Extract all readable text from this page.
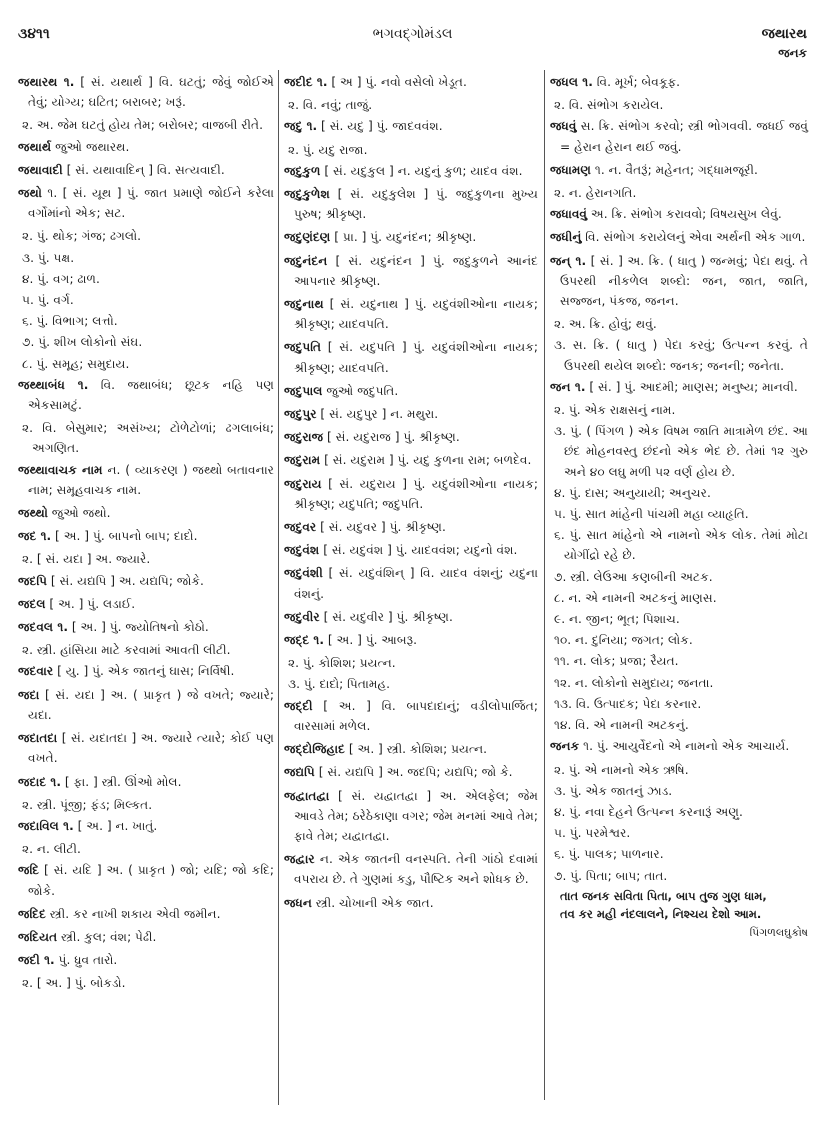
૩૪૧૧	ભગવદ્ગોમંડલ	જથારથ
જનક

જથારથ ૧. [ સં. યથાર્થ ] વિ. ઘટતું; જેવું જોઈએ તેવું; યોગ્ય; ઘટિત; બરાબર; ખરૂં.

૨. અ. જેમ ઘટતું હોય તેમ; બરોબર; વાજબી રીતે.

જથાર્થ જુઓ જથારથ.

જથાવાદી [ સં. યથાવાદિન્ ] વિ. સત્યવાદી.

જથો ૧. [ સં. યૂથ ] પું. જાત પ્રમાણે જોઈને કરેલા વર્ગોમાંનો એક; સટ.

૨. પું. થોક; ગંજ; ઢગલો.

૩. પું. પક્ષ.

૪. પું. વગ; ઢાળ.

૫. પું. વર્ગ.

૬. પું. વિભાગ; લત્તો.

૭. પું. શીખ લોકોનો સંઘ.

૮. પું. સમૂહ; સમુદાય.

જથ્થાબંધ ૧. વિ. જથાબંધ; છૂટક નહિ પણ એકસામટું.

૨. વિ. બેસુમાર; અસંખ્ય; ટોળેટોળાં; ઢગલાબંધ; અગણિત.

જથ્થાવાચક નામ ન. ( વ્યાકરણ ) જથ્થો બતાવનાર નામ; સમૂહવાચક નામ.

જથ્થો જુઓ જથો.

જદ ૧. [ અ. ] પું. બાપનો બાપ; દાદો.

૨. [ સં. યદા ] અ. જ્યારે.

જદપિ [ સં. યદ્યપિ ] અ. યદ્યપિ; જોકે.

જદલ [ અ. ] પું. લડાઈ.

જદવલ ૧. [ અ. ] પું. જ્યોતિષનો કોઠો.

૨. સ્ત્રી. હાંસિયા માટે કરવામાં આવતી લીટી.

જદવાર [ યુ. ] પું. એક જાતનું ઘાસ; નિર્વિષી.

જદા [ સં. યદા ] અ. ( પ્રાકૃત ) જે વખતે; જ્યારે; યદા.

જદાતદા [ સં. યદાતદા ] અ. જ્યારે ત્યારે; કોઈ પણ વખતે.

જદાદ ૧. [ ફા. ] સ્ત્રી. ઊંઓ મોલ.

૨. સ્ત્રી. પૂંજી; ફંડ; મિલ્કત.

જદાવિલ ૧. [ અ. ] ન. ખાતું.

૨. ન. લીટી.

જદિ [ સં. યદિ ] અ. ( પ્રાકૃત ) જો; યદિ; જો કદિ; જોકે.

જદિદ સ્ત્રી. કર નાખી શકાય એવી જમીન.

જદિયત સ્ત્રી. કુલ; વંશ; પેઢી.

જદી ૧. પું. ધ્રુવ તારો.

૨. [ અ. ] પું. બોકડો.

જદીદ ૧. [ અ ] પું. નવો વસેલો ખેડૂત.

૨. વિ. નવું; તાજું.

જદુ ૧. [ સં. યદુ ] પું. જાદવવંશ.

૨. પું. યદુ રાજા.

જદુકુળ [ સં. યદુકુલ ] ન. યદુનું કુળ; યાદવ વંશ.

જદુકુળેશ [ સં. યદુકુલેશ ] પું. જદુકુળના મુખ્ય પુરુષ; શ્રીકૃષ્ણ.

જદુણંદણ [ પ્રા. ] પું. યદુનંદન; શ્રીકૃષ્ણ.

જદુનંદન [ સં. યદુનંદન ] પું. જદુકુળને આનંદ આપનાર શ્રીકૃષ્ણ.

જદુનાથ [ સં. યદુનાથ ] પું. યદુવંશીઓના નાયક; શ્રીકૃષ્ણ; યાદવપતિ.

જદુપતિ [ સં. યદુપતિ ] પું. યદુવંશીઓના નાયક; શ્રીકૃષ્ણ; યાદવપતિ.

જદુપાલ જુઓ જદુપતિ.

જદુપુર [ સં. યદુપુર ] ન. મથુરા.

જદુરાજ [ સં. યદુરાજ ] પું. શ્રીકૃષ્ણ.

જદુરામ [ સં. યદુરામ ] પું. યદુ કુળના રામ; બળદેવ.

જદુરાય [ સં. યદુરાય ] પું. યદુવંશીઓના નાયક; શ્રીકૃષ્ણ; યદુપતિ; જદુપતિ.

જદુવર [ સં. યદુવર ] પું. શ્રીકૃષ્ણ.

જદુવંશ [ સં. યદુવંશ ] પું. યાદવવંશ; યદુનો વંશ.

જદુવંશી [ સં. યદુવંશિન્ ] વિ. યાદવ વંશનું; યદુના વંશનું.

જદુવીર [ સં. યદુવીર ] પું. શ્રીકૃષ્ણ.

જદ્દ ૧. [ અ. ] પું. આબરૂ.

૨. પું. કોશિશ; પ્રયત્ન.

૩. પું. દાદો; પિતામહ.

જદ્દી [ અ. ] વિ. બાપદાદાનું; વડીલોપાર્જિત; વારસામાં મળેલ.

જદ્દોજિહાદ [ અ. ] સ્ત્રી. કોશિશ; પ્રયત્ન.

જદ્યપિ [ સં. યદ્યપિ ] અ. જદપિ; યદ્યપિ; જો કે.

જદ્વાતદ્વા [ સં. યદ્વાતદ્વા ] અ. એલફેલ; જેમ આવડે તેમ; ઠરેઠેકાણા વગર; જેમ મનમાં આવે તેમ; ફાવે તેમ; યદ્વાતદ્વા.

જદ્વાર ન. એક જાતની વનસ્પતિ. તેની ગાંઠો દવામાં વપરાય છે. તે ગુણમાં કડુ, પૌષ્ટિક અને શોધક છે.

જધન સ્ત્રી. ચોખાની એક જાત.

જધલ ૧. વિ. મૂર્ખ; બેવકૂફ.

૨. વિ. સંભોગ કરાયેલ.

જધવું સ. ક્રિ. સંભોગ કરવો; સ્ત્રી ભોગવવી. જધઈ જવું = હેરાન હેરાન થઈ જવું.

જધામણ ૧. ન. વૈતરૂં; મહેનત; ગદ્ધામજૂરી.

૨. ન. હેરાનગતિ.

જધાવવું અ. ક્રિ. સંભોગ કરાવવો; વિષયસુખ લેવું.

જધીનું વિ. સંભોગ કરાયેલનું એવા અર્થની એક ગાળ.

જન્ ૧. [ સં. ] અ. ક્રિ. ( ધાતુ ) જન્મવું; પેદા થવું. તે ઉપરથી નીકળેલ શબ્દો: જન, જાત, જાતિ, સજ્જન, પંકજ, જનન.

૨. અ. ક્રિ. હોવું; થવું.

૩. સ. ક્રિ. ( ધાતુ ) પેદા કરવું; ઉત્પન્ન કરવું. તે ઉપરથી થયેલ શબ્દો: જનક; જનની; જનેતા.

જન ૧. [ સં. ] પું. આદમી; માણસ; મનુષ્ય; માનવી.

૨. પું. એક રાક્ષસનું નામ.

૩. પું. ( પિંગળ ) એક વિષમ જાતિ માત્રામેળ છંદ. આ છંદ મોહનવસ્તુ છંદનો એક ભેદ છે. તેમાં ૧૨ ગુરુ અને ૪૦ લઘુ મળી ૫૨ વર્ણ હોય છે.

૪. પું. દાસ; અનુયાયી; અનુચર.

૫. પું. સાત માંહેની પાંચમી મહા વ્યાહૃતિ.

૬. પું. સાત માંહેનો એ નામનો એક લોક. તેમાં મોટા યોગીંદ્રો રહે છે.

૭. સ્ત્રી. લેઉઆ કણબીની અટક.

૮. ન. એ નામની અટકનું માણસ.

૯. ન. જીન; ભૂત; પિશાચ.

૧૦. ન. દુનિયા; જગત; લોક.

૧૧. ન. લોક; પ્રજા; રૈયત.

૧૨. ન. લોકોનો સમુદાય; જનતા.

૧૩. વિ. ઉત્પાદક; પેદા કરનાર.

૧૪. વિ. એ નામની અટકનું.

જનક ૧. પું. આયુર્વેદનો એ નામનો એક આચાર્ય.

૨. પું. એ નામનો એક ઋષિ.

૩. પું. એક જાતનું ઝાડ.

૪. પું. નવા દેહને ઉત્પન્ન કરનારૂં અણુ.

૫. પું. પરમેશ્વર.

૬. પું. પાલક; પાળનાર.

૭. પું. પિતા; બાપ; તાત.

તાત જનક સવિતા પિતા, બાપ તુજ ગુણ ધામ,

તવ કર મહી નંદલાલને, નિશ્ચય દેશો આમ.

પિંગળલઘુકોષ
